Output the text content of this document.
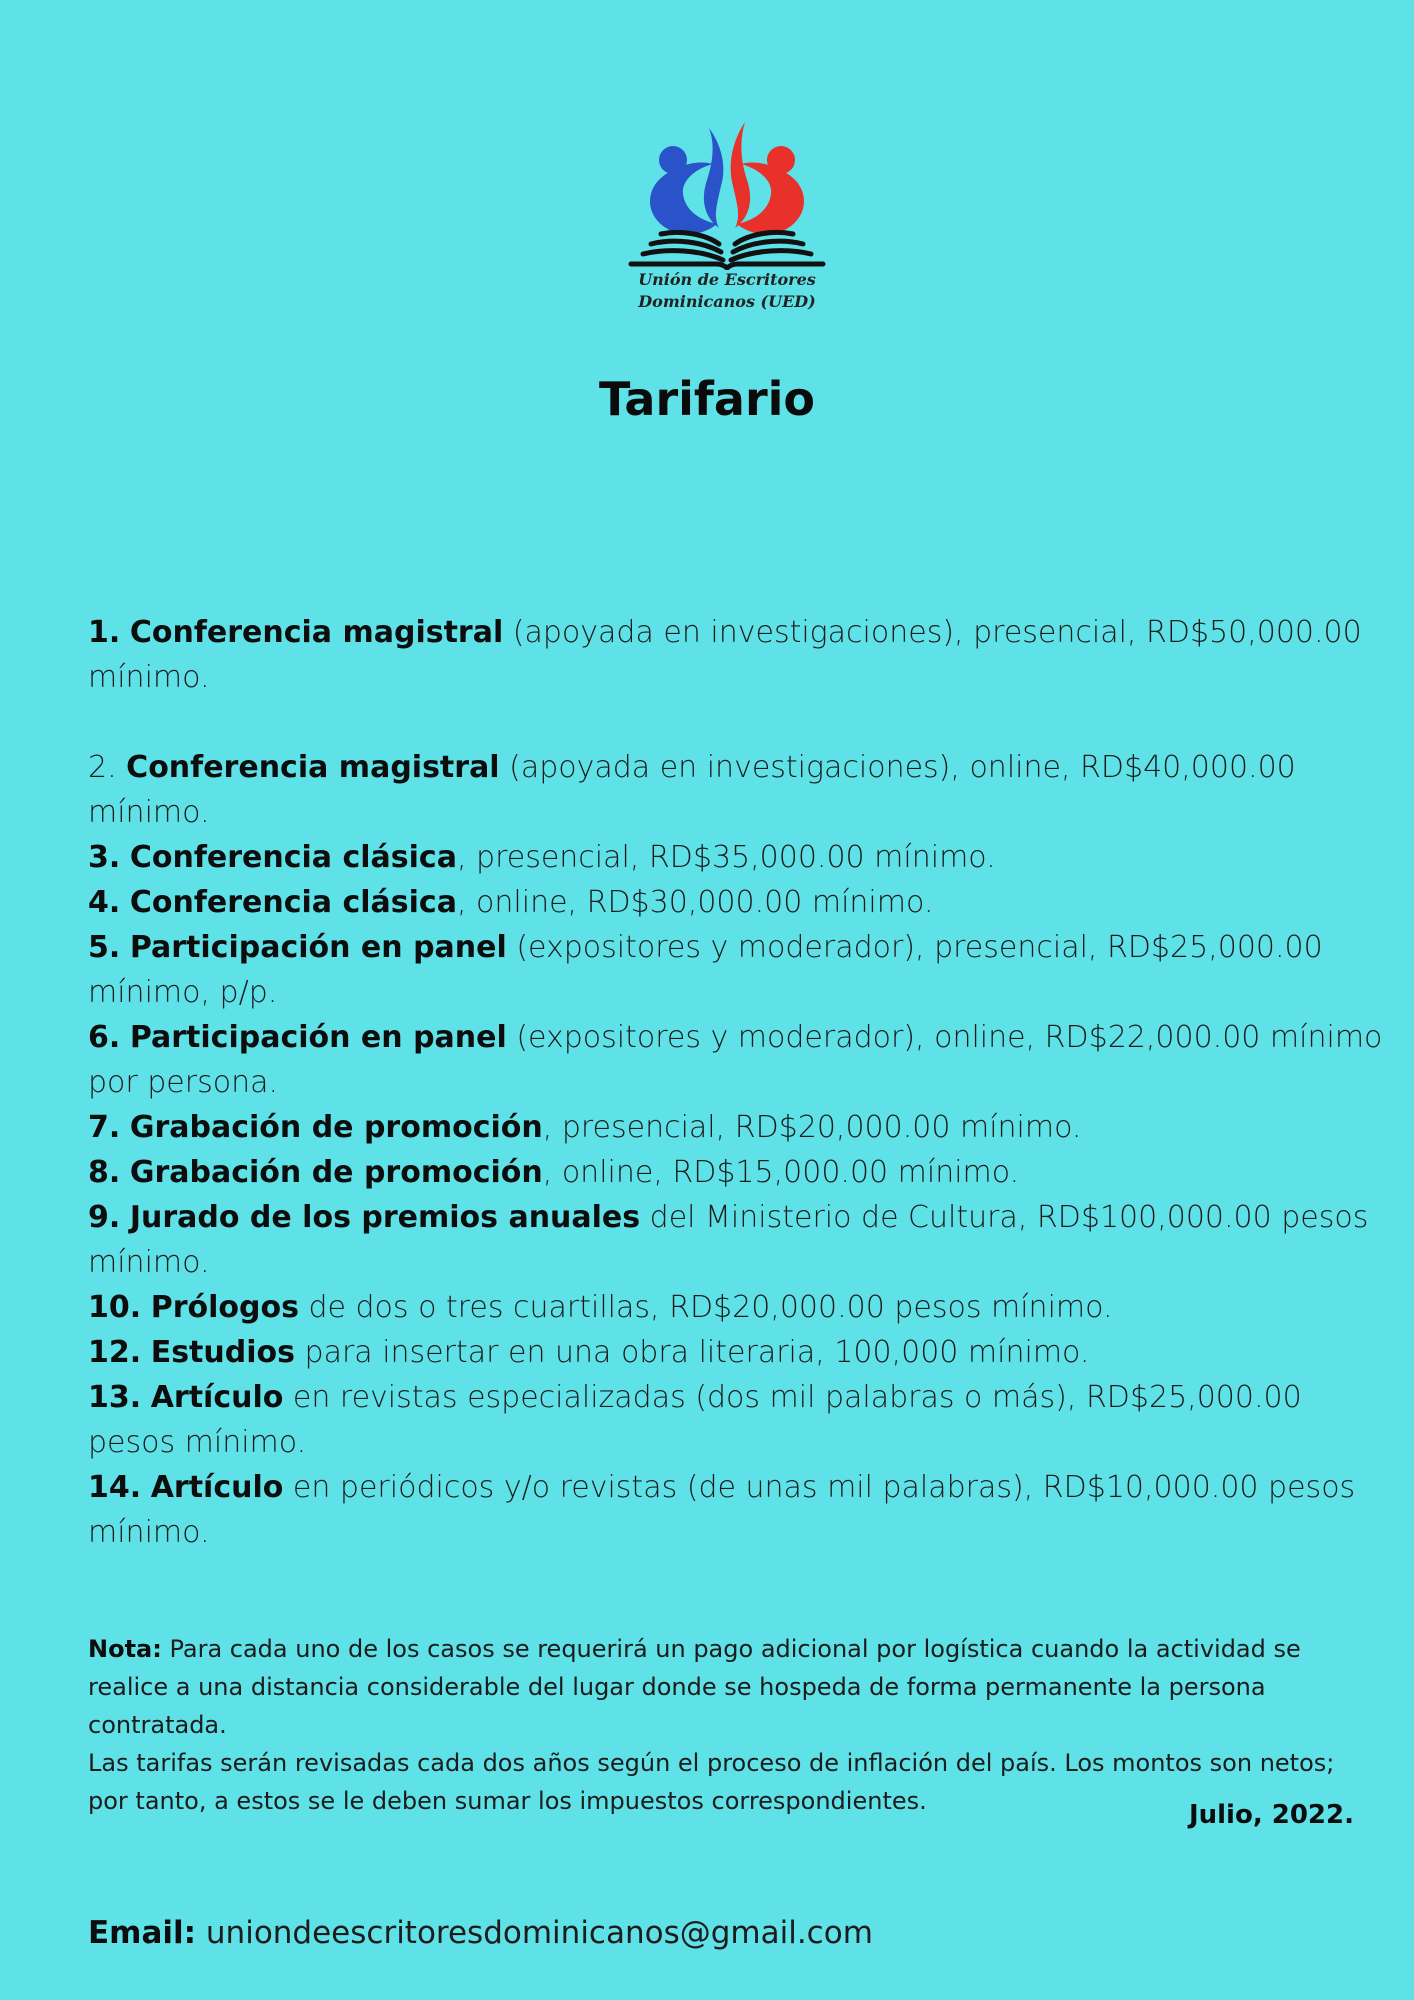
Unión de Escritores
Dominicanos (UED)
Tarifario
1. Conferencia magistral (apoyada en investigaciones), presencial, RD$50,000.00 mínimo.
2. Conferencia magistral (apoyada en investigaciones), online, RD$40,000.00 mínimo.
3. Conferencia clásica, presencial, RD$35,000.00 mínimo.
4. Conferencia clásica, online, RD$30,000.00 mínimo.
5. Participación en panel (expositores y moderador), presencial, RD$25,000.00 mínimo, p/p.
6. Participación en panel (expositores y moderador), online, RD$22,000.00 mínimo por persona.
7. Grabación de promoción, presencial, RD$20,000.00 mínimo.
8. Grabación de promoción, online, RD$15,000.00 mínimo.
9. Jurado de los premios anuales del Ministerio de Cultura, RD$100,000.00 pesos mínimo.
10. Prólogos de dos o tres cuartillas, RD$20,000.00 pesos mínimo.
12. Estudios para insertar en una obra literaria, 100,000 mínimo.
13. Artículo en revistas especializadas (dos mil palabras o más), RD$25,000.00 pesos mínimo.
14. Artículo en periódicos y/o revistas (de unas mil palabras), RD$10,000.00 pesos mínimo.

Nota: Para cada uno de los casos se requerirá un pago adicional por logística cuando la actividad se realice a una distancia considerable del lugar donde se hospeda de forma permanente la persona contratada.

Las tarifas serán revisadas cada dos años según el proceso de inflación del país. Los montos son netos; por tanto, a estos se le deben sumar los impuestos correspondientes.	Julio, 2022.
Email: uniondeescritoresdominicanos@gmail.com
